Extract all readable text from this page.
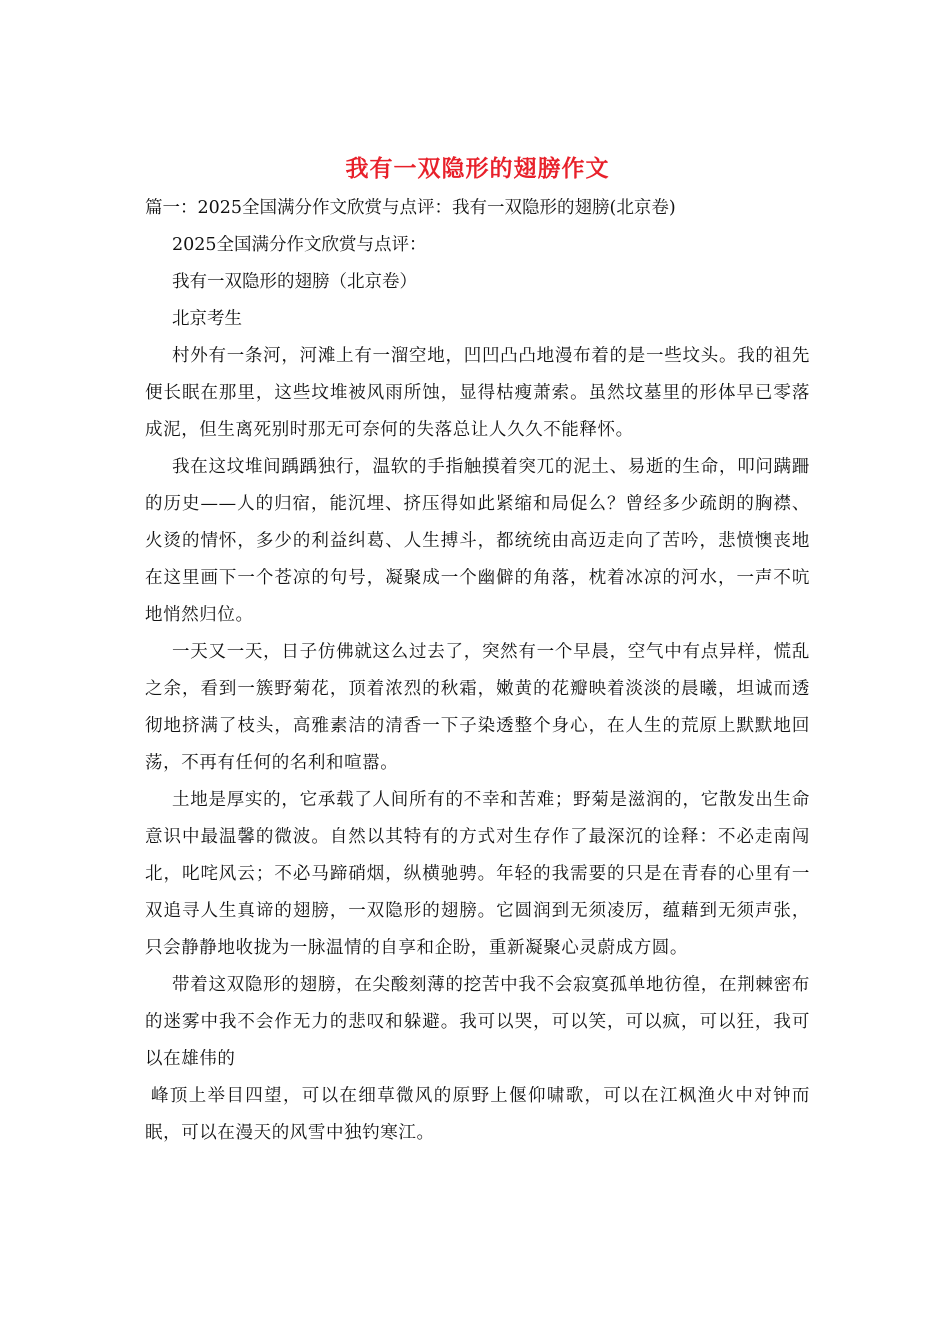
我有一双隐形的翅膀作文

篇一：2025全国满分作文欣赏与点评：我有一双隐形的翅膀(北京卷)

2025全国满分作文欣赏与点评：

我有一双隐形的翅膀（北京卷）

北京考生

村外有一条河，河滩上有一溜空地，凹凹凸凸地漫布着的是一些坟头。我的祖先便长眠在那里，这些坟堆被风雨所蚀，显得枯瘦萧索。虽然坟墓里的形体早已零落成泥，但生离死别时那无可奈何的失落总让人久久不能释怀。

我在这坟堆间踽踽独行，温软的手指触摸着突兀的泥土、易逝的生命，叩问蹒跚的历史——人的归宿，能沉埋、挤压得如此紧缩和局促么？曾经多少疏朗的胸襟、火烫的情怀，多少的利益纠葛、人生搏斗，都统统由高迈走向了苦吟，悲愤懊丧地在这里画下一个苍凉的句号，凝聚成一个幽僻的角落，枕着冰凉的河水，一声不吭地悄然归位。

一天又一天，日子仿佛就这么过去了，突然有一个早晨，空气中有点异样，慌乱之余，看到一簇野菊花，顶着浓烈的秋霜，嫩黄的花瓣映着淡淡的晨曦，坦诚而透彻地挤满了枝头，高雅素洁的清香一下子染透整个身心，在人生的荒原上默默地回荡，不再有任何的名利和喧嚣。

土地是厚实的，它承载了人间所有的不幸和苦难；野菊是滋润的，它散发出生命意识中最温馨的微波。自然以其特有的方式对生存作了最深沉的诠释：不必走南闯北，叱咤风云；不必马蹄硝烟，纵横驰骋。年轻的我需要的只是在青春的心里有一双追寻人生真谛的翅膀，一双隐形的翅膀。它圆润到无须凌厉，蕴藉到无须声张，只会静静地收拢为一脉温情的自享和企盼，重新凝聚心灵蔚成方圆。

带着这双隐形的翅膀，在尖酸刻薄的挖苦中我不会寂寞孤单地彷徨，在荆棘密布的迷雾中我不会作无力的悲叹和躲避。我可以哭，可以笑，可以疯，可以狂，我可以在雄伟的

峰顶上举目四望，可以在细草微风的原野上偃仰啸歌，可以在江枫渔火中对钟而眠，可以在漫天的风雪中独钓寒江。
